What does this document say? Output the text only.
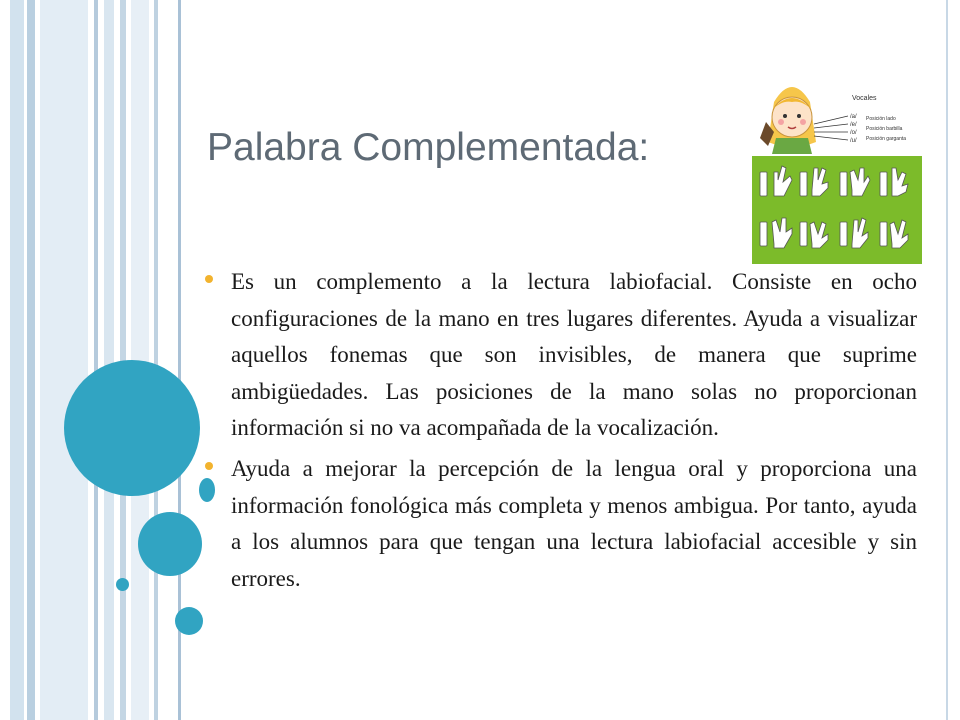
Palabra Complementada:
Vocales
/a/
/e/
/o/
/u/
Posición lado
Posición barbilla
Posición garganta
Es un complemento a la lectura labiofacial. Consiste en ocho configuraciones de la mano en tres lugares diferentes. Ayuda a visualizar aquellos fonemas que son invisibles, de manera que suprime ambigüedades. Las posiciones de la mano solas no proporcionan información si no va acompañada de la vocalización.
Ayuda a mejorar la percepción de la lengua oral y proporciona una información fonológica más completa y menos ambigua. Por tanto, ayuda a los alumnos para que tengan una lectura labiofacial accesible y sin errores.
